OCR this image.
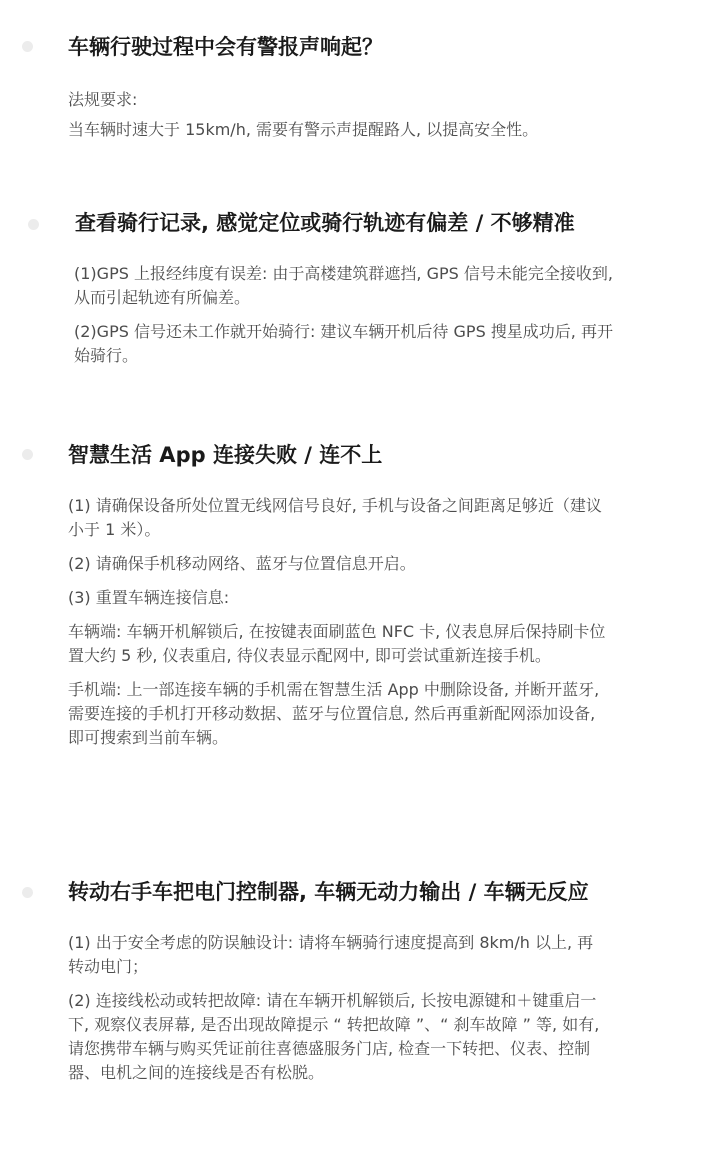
车辆行驶过程中会有警报声响起？

法规要求:

当车辆时速大于 15km/h, 需要有警示声提醒路人, 以提高安全性。

查看骑行记录, 感觉定位或骑行轨迹有偏差 / 不够精准

(1)GPS 上报经纬度有误差: 由于高楼建筑群遮挡, GPS 信号未能完全接收到, 从而引起轨迹有所偏差。

(2)GPS 信号还未工作就开始骑行: 建议车辆开机后待 GPS 搜星成功后, 再开始骑行。

智慧生活 App 连接失败 / 连不上

(1) 请确保设备所处位置无线网信号良好, 手机与设备之间距离足够近（建议小于 1 米）。

(2) 请确保手机移动网络、蓝牙与位置信息开启。

(3) 重置车辆连接信息:

车辆端: 车辆开机解锁后, 在按键表面刷蓝色 NFC 卡, 仪表息屏后保持刷卡位置大约 5 秒, 仪表重启, 待仪表显示配网中, 即可尝试重新连接手机。

手机端: 上一部连接车辆的手机需在智慧生活 App 中删除设备, 并断开蓝牙, 需要连接的手机打开移动数据、蓝牙与位置信息, 然后再重新配网添加设备, 即可搜索到当前车辆。

转动右手车把电门控制器, 车辆无动力输出 / 车辆无反应

(1) 出于安全考虑的防误触设计: 请将车辆骑行速度提高到 8km/h 以上, 再转动电门；

(2) 连接线松动或转把故障: 请在车辆开机解锁后, 长按电源键和＋键重启一下, 观察仪表屏幕, 是否出现故障提示 “ 转把故障 ”、“ 刹车故障 ” 等, 如有, 请您携带车辆与购买凭证前往喜德盛服务门店, 检查一下转把、仪表、控制器、电机之间的连接线是否有松脱。
